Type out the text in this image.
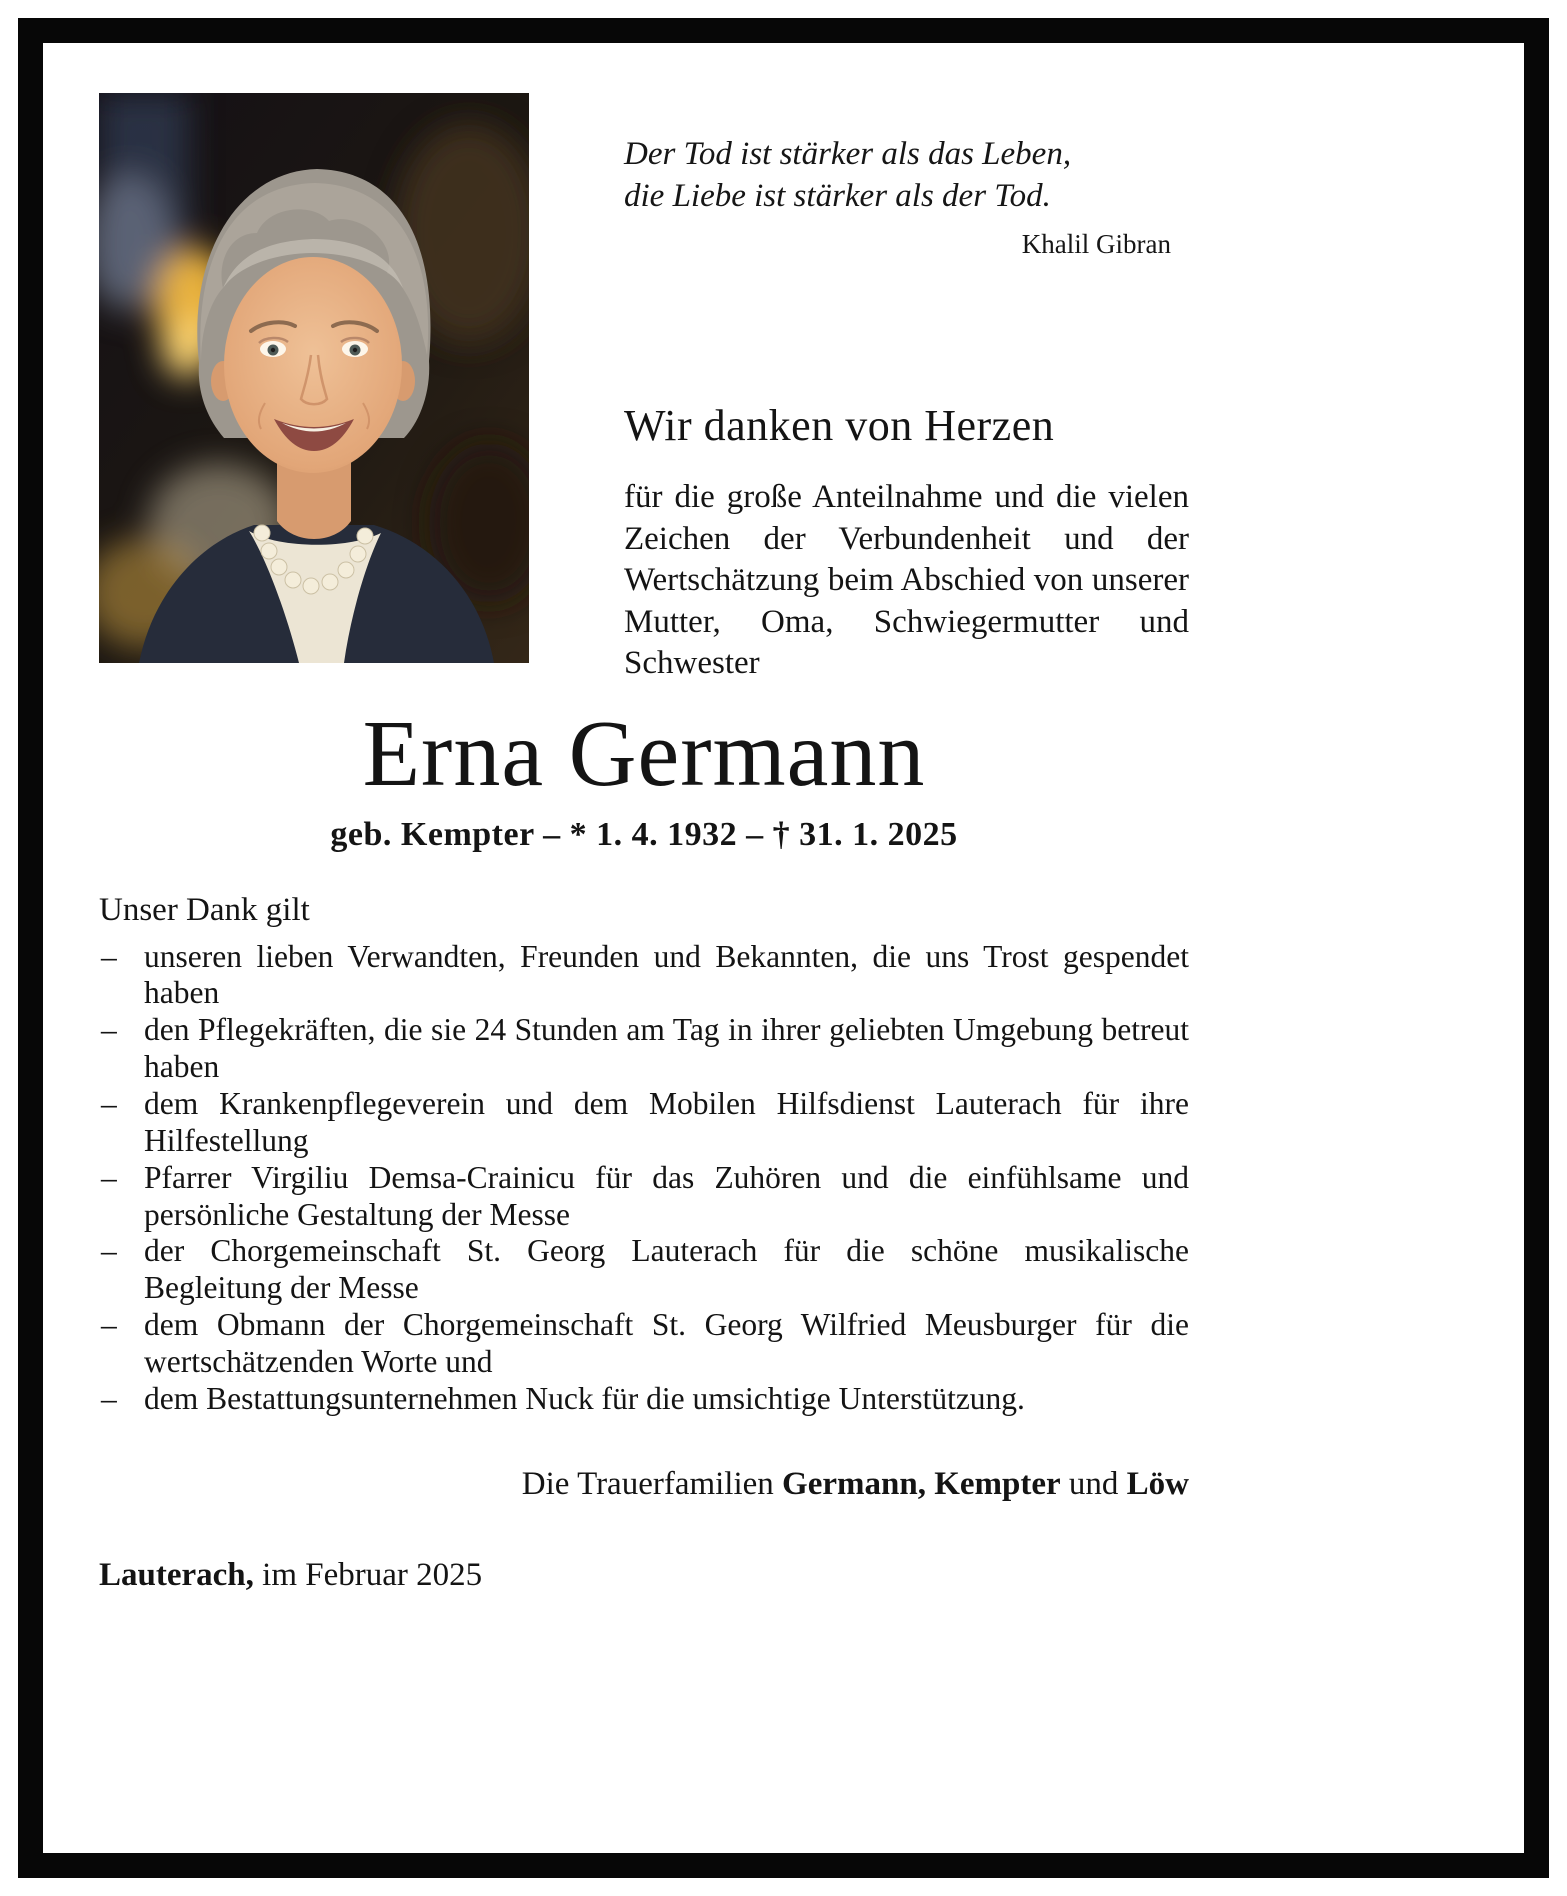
Der Tod ist stärker als das Leben,
die Liebe ist stärker als der Tod.
Khalil Gibran
Wir danken von Herzen
für die große Anteilnahme und die vielen Zeichen der Verbundenheit und der Wertschätzung beim Abschied von unserer Mutter, Oma, Schwiegermutter und Schwester
Erna Germann
geb. Kempter – * 1. 4. 1932 – † 31. 1. 2025
Unser Dank gilt
– unseren lieben Verwandten, Freunden und Bekannten, die uns Trost gespendet haben
– den Pflegekräften, die sie 24 Stunden am Tag in ihrer geliebten Umgebung betreut haben
– dem Krankenpflegeverein und dem Mobilen Hilfsdienst Lauterach für ihre Hilfestellung
– Pfarrer Virgiliu Demsa-Crainicu für das Zuhören und die einfühlsame und persönliche Gestaltung der Messe
– der Chorgemeinschaft St. Georg Lauterach für die schöne musikalische Begleitung der Messe
– dem Obmann der Chorgemeinschaft St. Georg Wilfried Meusburger für die wertschätzenden Worte und
– dem Bestattungsunternehmen Nuck für die umsichtige Unterstützung.
Die Trauerfamilien Germann, Kempter und Löw
Lauterach, im Februar 2025
